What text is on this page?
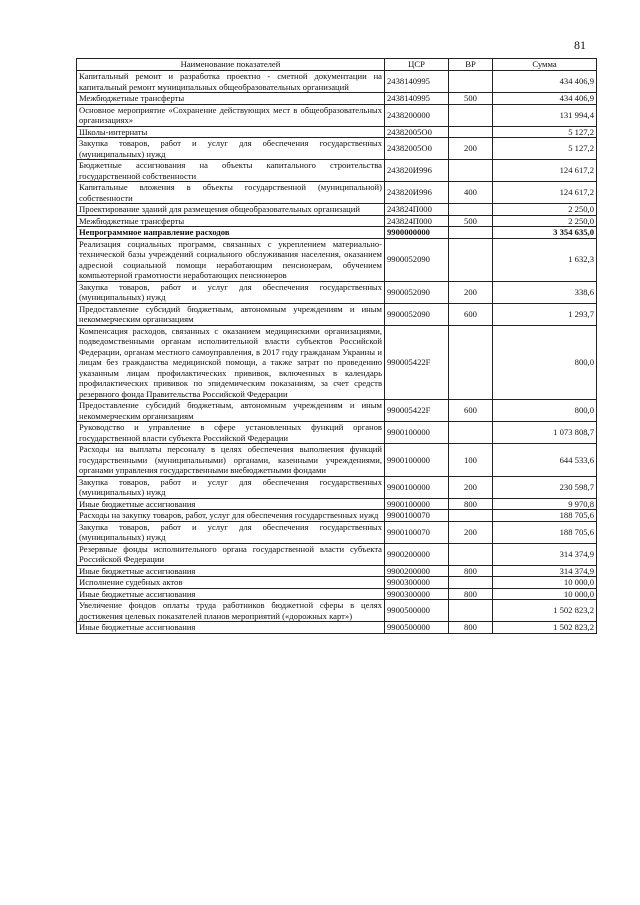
81
Наименование показателей	ЦСР	ВР	Сумма
Капитальный ремонт и разработка проектно - сметной документации на капитальный ремонт муниципальных общеобразовательных организаций	2438140995		434 406,9
Межбюджетные трансферты	2438140995	500	434 406,9
Основное мероприятие «Сохранение действующих мест в общеобразовательных организациях»	2438200000		131 994,4
Школы-интернаты	24382005О0		5 127,2
Закупка товаров, работ и услуг для обеспечения государственных (муниципальных) нужд	24382005О0	200	5 127,2
Бюджетные ассигнования на объекты капитального строительства государственной собственности	243820И996		124 617,2
Капитальные вложения в объекты государственной (муниципальной) собственности	243820И996	400	124 617,2
Проектирование зданий для размещения общеобразовательных организаций	243824П000		2 250,0
Межбюджетные трансферты	243824П000	500	2 250,0
Непрограммное направление расходов	9900000000		3 354 635,0
Реализация социальных программ, связанных с укреплением материально-технической базы учреждений социального обслуживания населения, оказанием адресной социальной помощи неработающим пенсионерам, обучением компьютерной грамотности неработающих пенсионеров	9900052090		1 632,3
Закупка товаров, работ и услуг для обеспечения государственных (муниципальных) нужд	9900052090	200	338,6
Предоставление субсидий бюджетным, автономным учреждениям и иным некоммерческим организациям	9900052090	600	1 293,7
Компенсация расходов, связанных с оказанием медицинскими организациями, подведомственными органам исполнительной власти субъектов Российской Федерации, органам местного самоуправления, в 2017 году гражданам Украины и лицам без гражданства медицинской помощи, а также затрат по проведению указанным лицам профилактических прививок, включенных в календарь профилактических прививок по эпидемическим показаниям, за счет средств резервного фонда Правительства Российской Федерации	990005422F		800,0
Предоставление субсидий бюджетным, автономным учреждениям и иным некоммерческим организациям	990005422F	600	800,0
Руководство и управление в сфере установленных функций органов государственной власти субъекта Российской Федерации	9900100000		1 073 808,7
Расходы на выплаты персоналу в целях обеспечения выполнения функций государственными (муниципальными) органами, казенными учреждениями, органами управления государственными внебюджетными фондами	9900100000	100	644 533,6
Закупка товаров, работ и услуг для обеспечения государственных (муниципальных) нужд	9900100000	200	230 598,7
Иные бюджетные ассигнования	9900100000	800	9 970,8
Расходы на закупку товаров, работ, услуг для обеспечения государственных нужд	9900100070		188 705,6
Закупка товаров, работ и услуг для обеспечения государственных (муниципальных) нужд	9900100070	200	188 705,6
Резервные фонды исполнительного органа государственной власти субъекта Российской Федерации	9900200000		314 374,9
Иные бюджетные ассигнования	9900200000	800	314 374,9
Исполнение судебных актов	9900300000		10 000,0
Иные бюджетные ассигнования	9900300000	800	10 000,0
Увеличение фондов оплаты труда работников бюджетной сферы в целях достижения целевых показателей планов мероприятий («дорожных карт»)	9900500000		1 502 823,2
Иные бюджетные ассигнования	9900500000	800	1 502 823,2
